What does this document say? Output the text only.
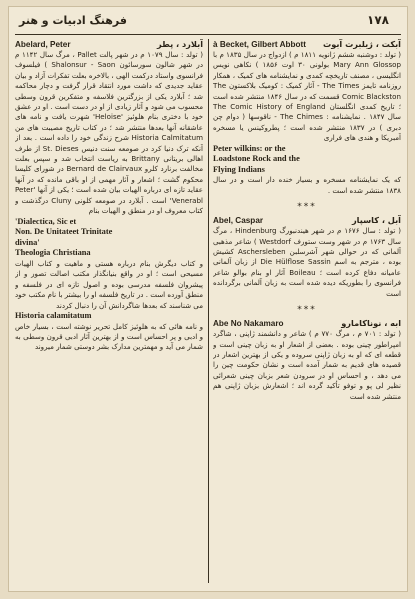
۱۷۸
فرهنگ ادبیات و هنر
à Becket, Gilbert Abbott آبکت ، ژیلبرت آبوت

( تولد : دوشنبه ششم ژانویه ۱۸۱۱ م ) ازدواج در سال ۱۸۳۵ م با Mary Ann Glossop بولونی ۳۰ اوت ۱۸۵۶ ) نکاهی نویس انگلیسی ، مصنف تاریخچه کمدی و نمایشنامه های کمیک ، همکار روزنامه تایمز The Times - آثار کمیک : کومیک بلاکستون The Comic Blackston قسمت که در سال ۱۸۴۶ منتشر شده است ؛ تاریخ کمدی انگلستان The Comic History of England سال ۱۸۴۷ . نمایشنامه : The Chimes - ناقوسها ( دوام چن دبری ) در ۱۸۳۷ منتشر شده است ؛ پطروکینس یا مسخره آمبریکا و هندی های فراری

Peter wilkins: or the

Loadstone Rock and the

Flying Indians

که یک نمایشنامه مسخره و بسیار خنده دار است و در سال ۱۸۳۸ منتشر شده است .

***
Abel, Caspar	آبل ، کاسپار

( تولد : سال ۱۶۷۶ م در شهر هیندنبورگ Hindenburg ، مرگ سال ۱۷۶۳ م در شهر وست ستورف Westdorf ) شاعر مذهبی آلمانی که در حوالی شهر آشرسلبن Aschersleben کشیش بوده ، مترجم به اسم Die Hülflose Sassin از زبان آلمانی عامیانه دفاع کرده است ؛ Boileau آثار او بنام بوالو شاعر فرانسوی را بطوریکه دیده شده است به زبان آلمانی برگردانده است

***
Abe No Nakamaro	ابه ، نوناکامارو

( تولد : ۷۰۱ م ، مرگ ۷۷۰ م ) شاعر و دانشمند ژاپنی ، شاگرد امپراطور چینی بوده . بعضی از اشعار او به زبان چینی است و قطعه ای که او به زبان ژاپنی سروده و یکی از بهترین اشعار در قصیده های قدیم به شمار آمده است و نشان حکومت چین را می دهد ، و احساس او در سرودن شعر بزبان چینی شعرائی نظیر لی پو و توفو تأکید گرده اند ؛ اشعارش بزبان ژاپنی هم منتشر شده است

Abelard, Peter	آبلارد ، پطر

( تولد : سال ۱۰۷۹ م در شهر پالت Pallet ، مرگ سال ۱۱۴۲ م در شهر شالون سورسائون Shalonsur - Saon ) فیلسوف فرانسوی واستاد درکمت الهی ، بالاخره بعلت تفکرات آزاد و بیان عقاید جدیدی که داشت مورد انتقاد قرار گرفت و دچار محاکمه شد ؛ آبلارد یکی از بزرگترین فلاسفه و متفکرین قرون وسطی محسوب می شود و آثار زیادی از او در دست است . او در عشق خود با دختری بنام هلوئیز 'Heloise' شهرت یافت و نامه های عاشقانه آنها بعدها منتشر شد ؛ در کتاب تاریخ مصیبت های من Historia Calmitatum شرح زندگی خود را داده است . بعد از آنکه ترک دنیا کرد در صومعه سنت دنیس St. Dieses از طرف اهالی بریتانی Brittany به ریاست انتخاب شد و سپس بعلت مخالفت برنارد کلرو Bernard de Clairvaux در شورای کلیسا محکوم گشت ؛ اشعار و آثار مهمی از او باقی مانده که در آنها عقاید تازه ای درباره الهیات بیان شده است ؛ یکی از آنها 'Peter Venerabl' است . آبلارد در صومعه کلونی Cluny درگذشت و کتاب معروف او در منطق و الهیات بنام

'Dialectica, Sic et

Non. De Unitateet Trinitate

divina'

Theologia Christiana

و کتاب دیگرش بنام درباره هستی و ماهیت و کتاب الهیات مسیحی است ؛ او در واقع بنیانگذار مکتب اصالت تصور و از پیشروان فلسفه مدرسی بوده و اصول تازه ای در فلسفه و منطق آورده است . در تاریخ فلسفه او را بیشتر با نام مکتب خود می شناسند که بعدها شاگردانش آن را دنبال کردند

Historia calamitatum

و نامه هائی که به هلوئیز کامل تحریر نوشته است ، بسیار خاص و ادبی و پر احساس است و از بهترین آثار ادبی قرون وسطی به شمار می آید و مهمترین مدارک بشر دوستی شمار میروند
